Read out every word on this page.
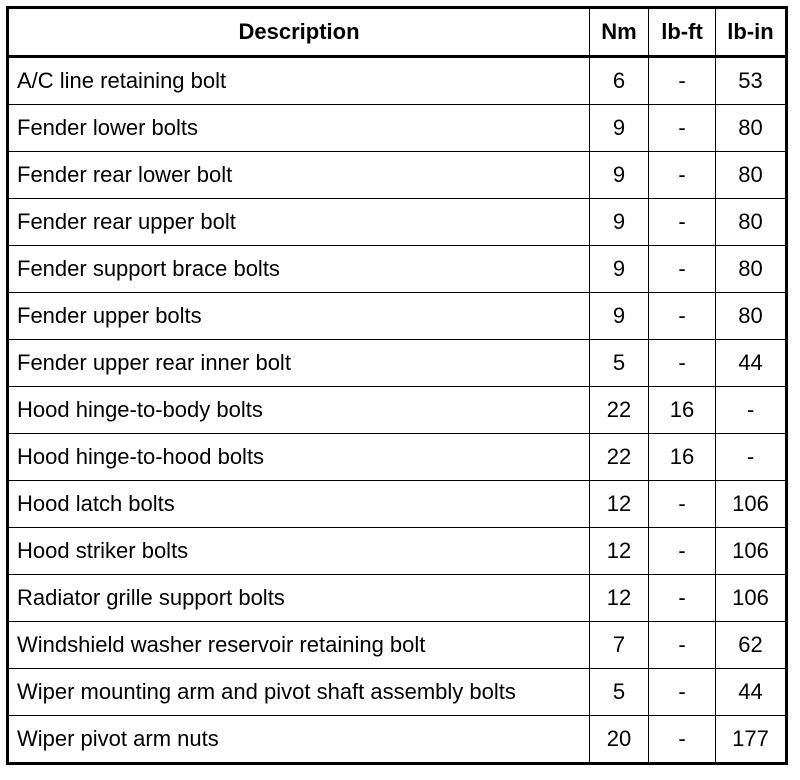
Description	Nm	lb-ft	lb-in
A/C line retaining bolt	6	-	53
Fender lower bolts	9	-	80
Fender rear lower bolt	9	-	80
Fender rear upper bolt	9	-	80
Fender support brace bolts	9	-	80
Fender upper bolts	9	-	80
Fender upper rear inner bolt	5	-	44
Hood hinge-to-body bolts	22	16	-
Hood hinge-to-hood bolts	22	16	-
Hood latch bolts	12	-	106
Hood striker bolts	12	-	106
Radiator grille support bolts	12	-	106
Windshield washer reservoir retaining bolt	7	-	62
Wiper mounting arm and pivot shaft assembly bolts	5	-	44
Wiper pivot arm nuts	20	-	177
